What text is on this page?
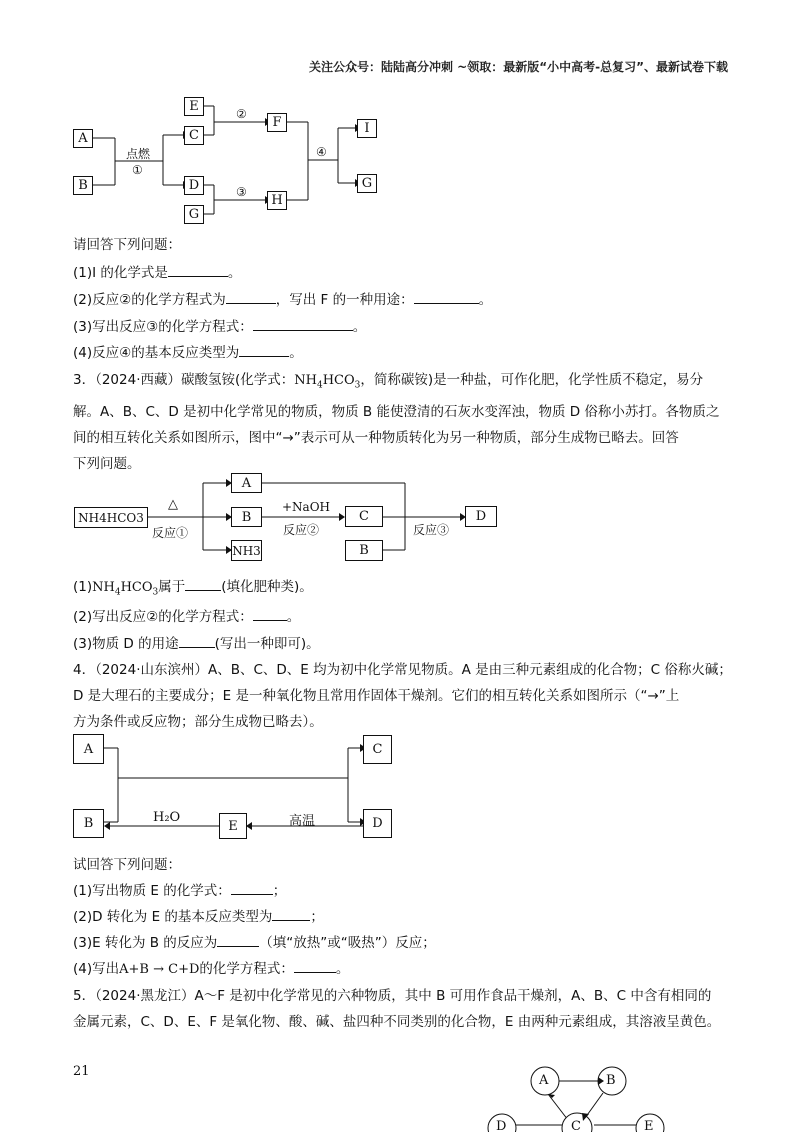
关注公众号：陆陆高分冲刺 ~领取：最新版“小中高考-总复习”、最新试卷下载
A
B
E
C
D
G
F
H
I
G
点燃
①
②
③
④
请回答下列问题：
(1)I 的化学式是	。
(2)反应②的化学方程式为	，写出 F 的一种用途：	。
(3)写出反应③的化学方程式：	。
(4)反应④的基本反应类型为	。
3．（2024·西藏）碳酸氢铵(化学式：$NH_4HCO_3$，简称碳铵)是一种盐，可作化肥，化学性质不稳定，易分
解。A、B、C、D 是初中化学常见的物质，物质 B 能使澄清的石灰水变浑浊，物质 D 俗称小苏打。各物质之
间的相互转化关系如图所示，图中“→”表示可从一种物质转化为另一种物质，部分生成物已略去。回答
下列问题。
NH4HCO3
A
B
NH3
C
B
D
△
反应①
+NaOH
反应②	反应③
$(1)NH_4HCO_3$属于	(填化肥种类)。
(2)写出反应②的化学方程式：	。
(3)物质 D 的用途	(写出一种即可)。
4．（2024·山东滨州）A、B、C、D、E 均为初中化学常见物质。A 是由三种元素组成的化合物；C 俗称火碱；
D 是大理石的主要成分；E 是一种氧化物且常用作固体干燥剂。它们的相互转化关系如图所示（“→”上
方为条件或反应物；部分生成物已略去）。
A
B
C
D
E
H₂O	高温
试回答下列问题：
(1)写出物质 E 的化学式：	；
(2)D 转化为 E 的基本反应类型为	；
(3)E 转化为 B 的反应为	（填“放热”或“吸热”）反应；
(4)写出A+B → C+D的化学方程式：	。
5．（2024·黑龙江）A～F 是初中化学常见的六种物质，其中 B 可用作食品干燥剂，A、B、C 中含有相同的
金属元素，C、D、E、F 是氧化物、酸、碱、盐四种不同类别的化合物，E 由两种元素组成，其溶液呈黄色。
21
A	B
C
D	E
